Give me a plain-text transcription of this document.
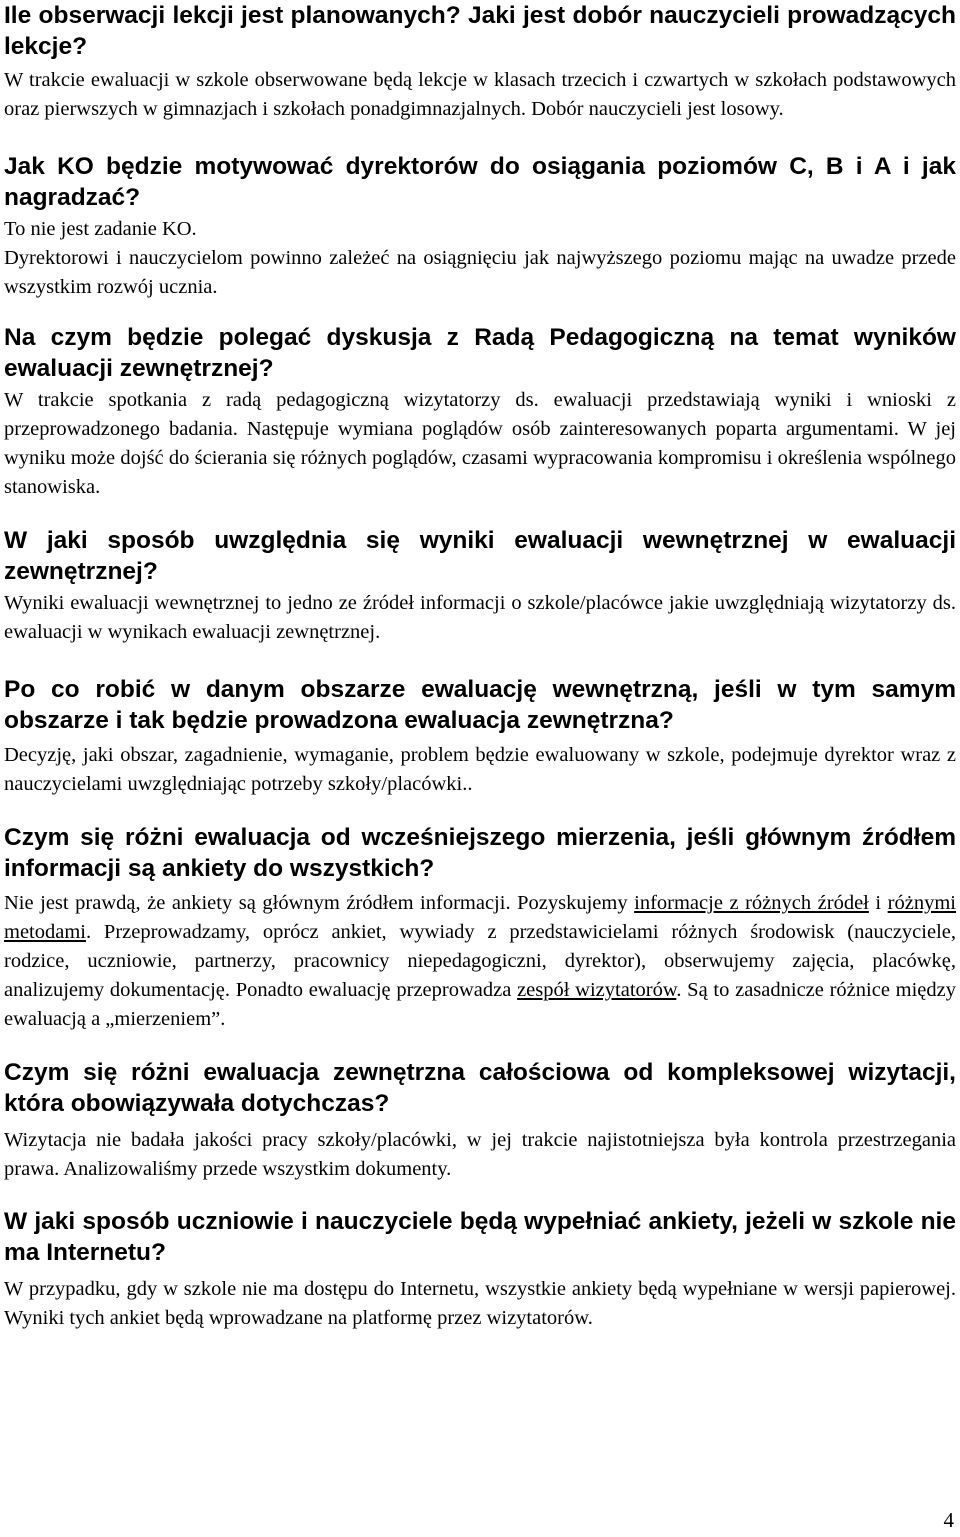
Ile obserwacji lekcji jest planowanych? Jaki jest dobór nauczycieli prowadzących lekcje?

W trakcie ewaluacji w szkole obserwowane będą lekcje w klasach trzecich i czwartych w szkołach podstawowych oraz pierwszych w gimnazjach i szkołach ponadgimnazjalnych. Dobór nauczycieli jest losowy.

Jak KO będzie motywować dyrektorów do osiągania poziomów C, B i A i jak nagradzać?

To nie jest zadanie KO.
Dyrektorowi i nauczycielom powinno zależeć na osiągnięciu jak najwyższego poziomu mając na uwadze przede wszystkim rozwój ucznia.

Na czym będzie polegać dyskusja z Radą Pedagogiczną na temat wyników ewaluacji zewnętrznej?

W trakcie spotkania z radą pedagogiczną wizytatorzy ds. ewaluacji przedstawiają wyniki i wnioski z przeprowadzonego badania. Następuje wymiana poglądów osób zainteresowanych poparta argumentami. W jej wyniku może dojść do ścierania się różnych poglądów, czasami wypracowania kompromisu i określenia wspólnego stanowiska.

W jaki sposób uwzględnia się wyniki ewaluacji wewnętrznej w ewaluacji zewnętrznej?

Wyniki ewaluacji wewnętrznej to jedno ze źródeł informacji o szkole/placówce jakie uwzględniają wizytatorzy ds. ewaluacji w wynikach ewaluacji zewnętrznej.

Po co robić w danym obszarze ewaluację wewnętrzną, jeśli w tym samym obszarze i tak będzie prowadzona ewaluacja zewnętrzna?

Decyzję, jaki obszar, zagadnienie, wymaganie, problem będzie ewaluowany w szkole, podejmuje dyrektor wraz z nauczycielami uwzględniając potrzeby szkoły/placówki..

Czym się różni ewaluacja od wcześniejszego mierzenia, jeśli głównym źródłem informacji są ankiety do wszystkich?

Nie jest prawdą, że ankiety są głównym źródłem informacji. Pozyskujemy informacje z różnych źródeł i różnymi metodami. Przeprowadzamy, oprócz ankiet, wywiady z przedstawicielami różnych środowisk (nauczyciele, rodzice, uczniowie, partnerzy, pracownicy niepedagogiczni, dyrektor), obserwujemy zajęcia, placówkę, analizujemy dokumentację. Ponadto ewaluację przeprowadza zespół wizytatorów. Są to zasadnicze różnice między ewaluacją a „mierzeniem”.

Czym się różni ewaluacja zewnętrzna całościowa od kompleksowej wizytacji, która obowiązywała dotychczas?

Wizytacja nie badała jakości pracy szkoły/placówki, w jej trakcie najistotniejsza była kontrola przestrzegania prawa. Analizowaliśmy przede wszystkim dokumenty.

W jaki sposób uczniowie i nauczyciele będą wypełniać ankiety, jeżeli w szkole nie ma Internetu?

W przypadku, gdy w szkole nie ma dostępu do Internetu, wszystkie ankiety będą wypełniane w wersji papierowej. Wyniki tych ankiet będą wprowadzane na platformę przez wizytatorów.

4
